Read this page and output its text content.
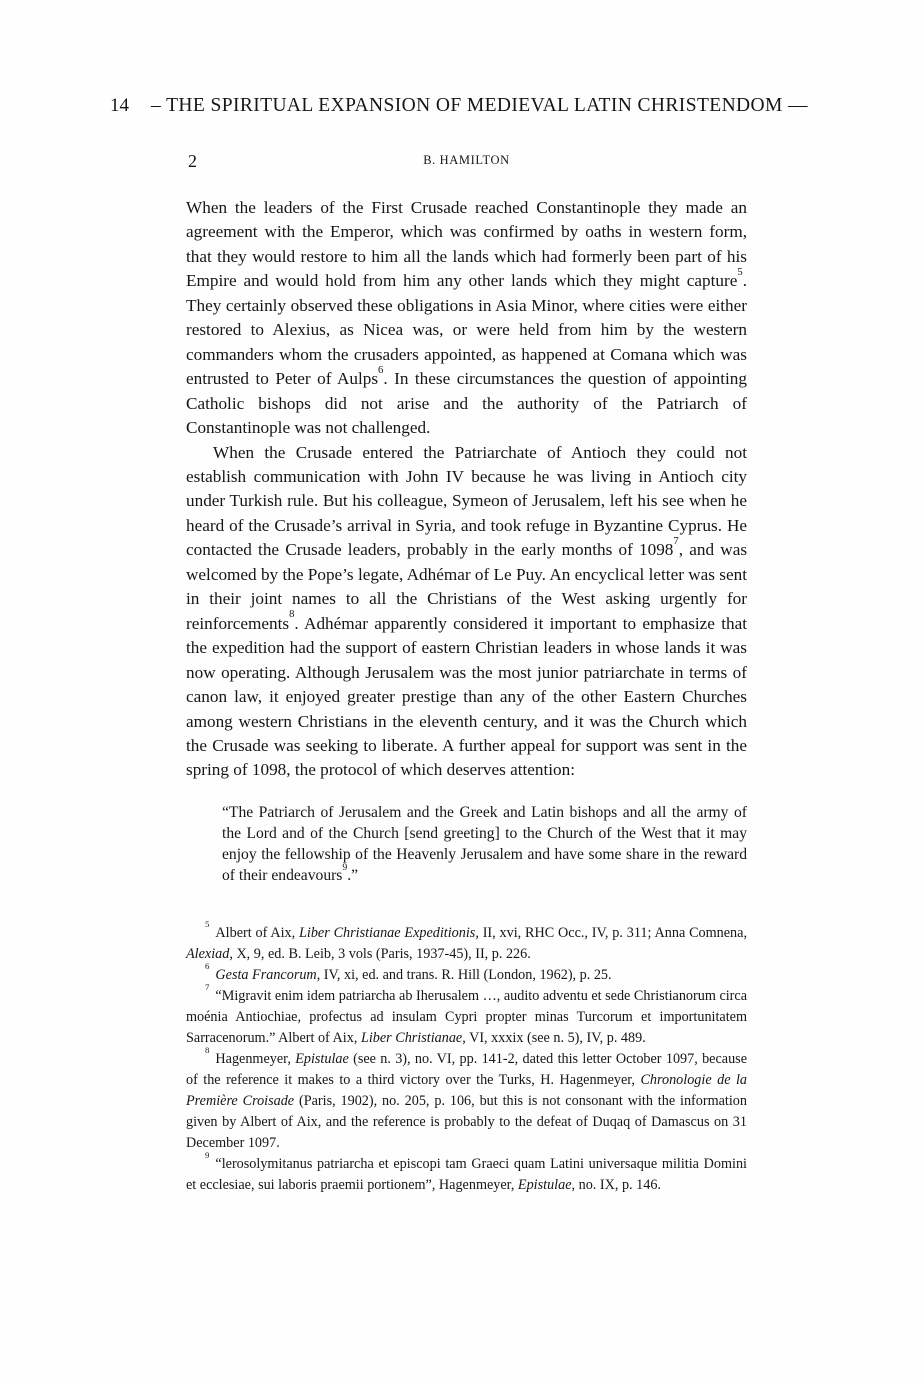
14 – THE SPIRITUAL EXPANSION OF MEDIEVAL LATIN CHRISTENDOM —
2	B. HAMILTON

When the leaders of the First Crusade reached Constantinople they made an agreement with the Emperor, which was confirmed by oaths in western form, that they would restore to him all the lands which had formerly been part of his Empire and would hold from him any other lands which they might capture$^5$. They certainly observed these obligations in Asia Minor, where cities were either restored to Alexius, as Nicea was, or were held from him by the western commanders whom the crusaders appointed, as happened at Comana which was entrusted to Peter of Aulps$^6$. In these circumstances the question of appointing Catholic bishops did not arise and the authority of the Patriarch of Constantinople was not challenged.

When the Crusade entered the Patriarchate of Antioch they could not establish communication with John IV because he was living in Antioch city under Turkish rule. But his colleague, Symeon of Jerusalem, left his see when he heard of the Crusade’s arrival in Syria, and took refuge in Byzantine Cyprus. He contacted the Crusade leaders, probably in the early months of 1098$^7$, and was welcomed by the Pope’s legate, Adhémar of Le Puy. An encyclical letter was sent in their joint names to all the Christians of the West asking urgently for reinforcements$^8$. Adhémar apparently considered it important to emphasize that the expedition had the support of eastern Christian leaders in whose lands it was now operating. Although Jerusalem was the most junior patriarchate in terms of canon law, it enjoyed greater prestige than any of the other Eastern Churches among western Christians in the eleventh century, and it was the Church which the Crusade was seeking to liberate. A further appeal for support was sent in the spring of 1098, the protocol of which deserves attention:

“The Patriarch of Jerusalem and the Greek and Latin bishops and all the army of the Lord and of the Church [send greeting] to the Church of the West that it may enjoy the fellowship of the Heavenly Jerusalem and have some share in the reward of their endeavours$^9$.”

$^5$Albert of Aix, Liber Christianae Expeditionis, II, xvi, RHC Occ., IV, p. 311; Anna Comnena, Alexiad, X, 9, ed. B. Leib, 3 vols (Paris, 1937-45), II, p. 226.

$^6$Gesta Francorum, IV, xi, ed. and trans. R. Hill (London, 1962), p. 25.

$^7$“Migravit enim idem patriarcha ab Iherusalem …, audito adventu et sede Christianorum circa moénia Antiochiae, profectus ad insulam Cypri propter minas Turcorum et importunitatem Sarracenorum.” Albert of Aix, Liber Christianae, VI, xxxix (see n. 5), IV, p. 489.

$^8$Hagenmeyer, Epistulae (see n. 3), no. VI, pp. 141-2, dated this letter October 1097, because of the reference it makes to a third victory over the Turks, H. Hagenmeyer, Chronologie de la Première Croisade (Paris, 1902), no. 205, p. 106, but this is not consonant with the information given by Albert of Aix, and the reference is probably to the defeat of Duqaq of Damascus on 31 December 1097.

$^9$“lerosolymitanus patriarcha et episcopi tam Graeci quam Latini universaque militia Domini et ecclesiae, sui laboris praemii portionem”, Hagenmeyer, Epistulae, no. IX, p. 146.
